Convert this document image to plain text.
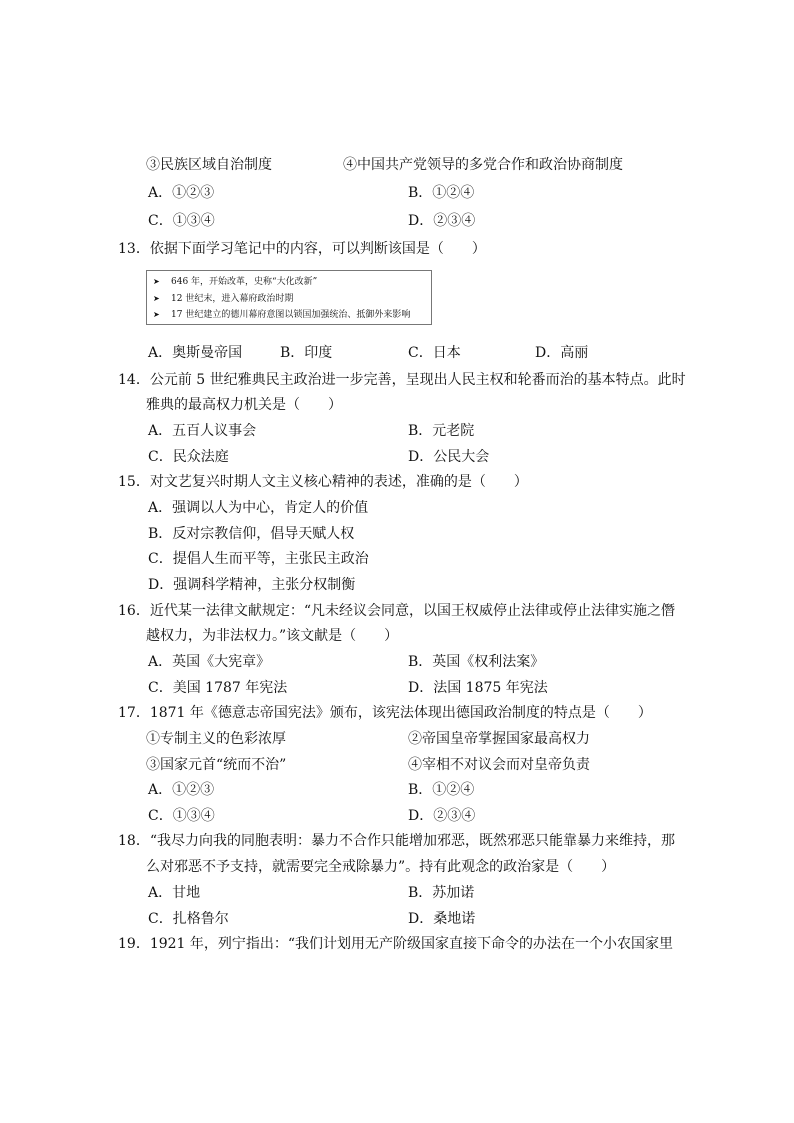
③民族区域自治制度	④中国共产党领导的多党合作和政治协商制度
A．①②③	B．①②④
C．①③④	D．②③④
13．依据下面学习笔记中的内容，可以判断该国是（　　）
➤ 646 年，开始改革，史称“大化改新”
➤ 12 世纪末，进入幕府政治时期
➤ 17 世纪建立的德川幕府意图以锁国加强统治、抵御外来影响
A．奥斯曼帝国	B．印度	C．日本	D．高丽
14．公元前 5 世纪雅典民主政治进一步完善，呈现出人民主权和轮番而治的基本特点。此时
雅典的最高权力机关是（　　）
A．五百人议事会	B．元老院
C．民众法庭	D．公民大会
15．对文艺复兴时期人文主义核心精神的表述，准确的是（　　）
A．强调以人为中心，肯定人的价值
B．反对宗教信仰，倡导天赋人权
C．提倡人生而平等，主张民主政治
D．强调科学精神，主张分权制衡
16．近代某一法律文献规定：“凡未经议会同意，以国王权威停止法律或停止法律实施之僭
越权力，为非法权力。”该文献是（　　）
A．英国《大宪章》	B．英国《权利法案》
C．美国 1787 年宪法	D．法国 1875 年宪法
17．1871 年《德意志帝国宪法》颁布，该宪法体现出德国政治制度的特点是（　　）
①专制主义的色彩浓厚	②帝国皇帝掌握国家最高权力
③国家元首“统而不治”	④宰相不对议会而对皇帝负责
A．①②③	B．①②④
C．①③④	D．②③④
18．“我尽力向我的同胞表明：暴力不合作只能增加邪恶，既然邪恶只能靠暴力来维持，那
么对邪恶不予支持，就需要完全戒除暴力”。持有此观念的政治家是（　　）
A．甘地	B．苏加诺
C．扎格鲁尔	D．桑地诺
19．1921 年，列宁指出：“我们计划用无产阶级国家直接下命令的办法在一个小农国家里
